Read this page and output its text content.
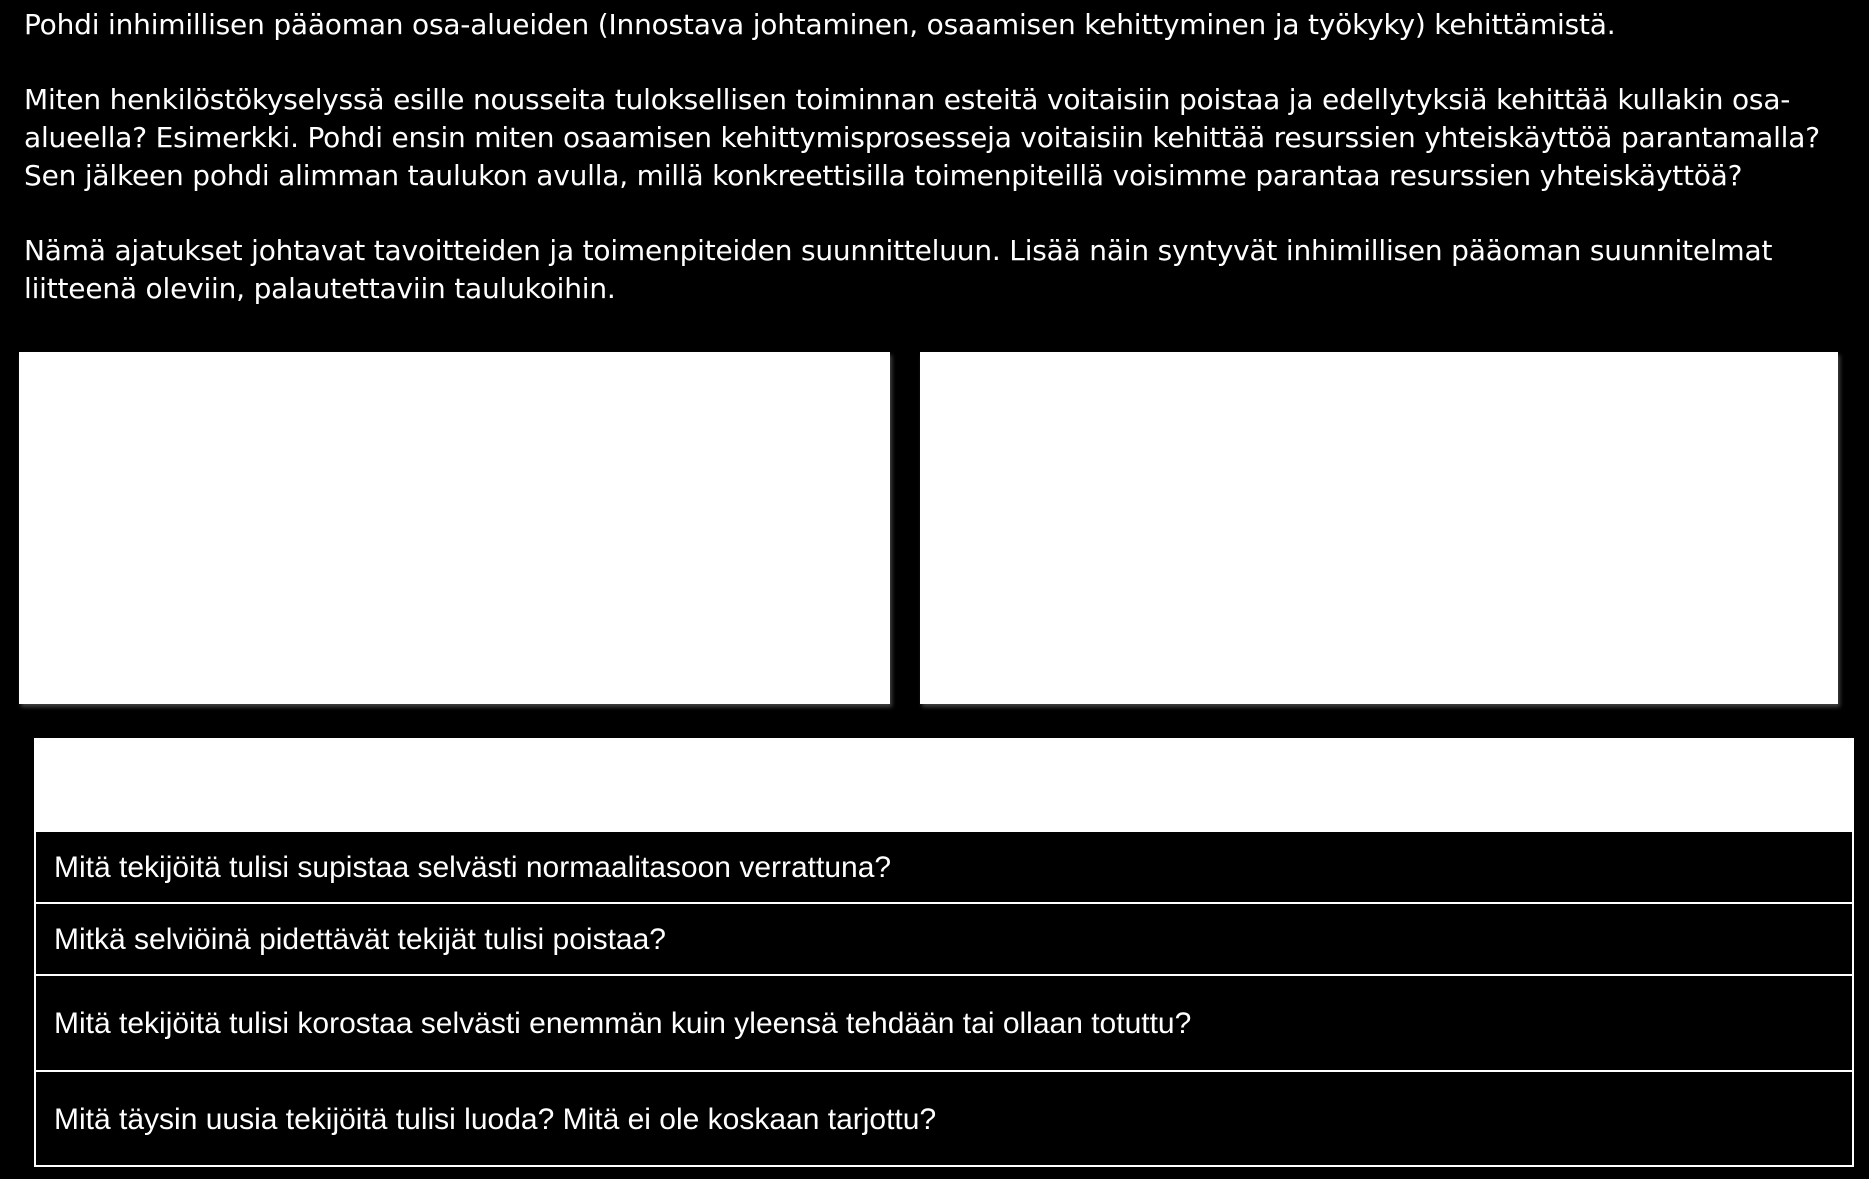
Pohdi inhimillisen pääoman osa-alueiden (Innostava johtaminen, osaamisen kehittyminen ja työkyky) kehittämistä.

Miten henkilöstökyselyssä esille nousseita tuloksellisen toiminnan esteitä voitaisiin poistaa ja edellytyksiä kehittää kullakin osa-alueella? Esimerkki. Pohdi ensin miten osaamisen kehittymisprosesseja voitaisiin kehittää resurssien yhteiskäyttöä parantamalla? Sen jälkeen pohdi alimman taulukon avulla, millä konkreettisilla toimenpiteillä voisimme parantaa resurssien yhteiskäyttöä?

Nämä ajatukset johtavat tavoitteiden ja toimenpiteiden suunnitteluun. Lisää näin syntyvät inhimillisen pääoman suunnitelmat liitteenä oleviin, palautettaviin taulukoihin.

Mitä tekijöitä tulisi supistaa selvästi normaalitasoon verrattuna?
Mitkä selviöinä pidettävät tekijät tulisi poistaa?
Mitä tekijöitä tulisi korostaa selvästi enemmän kuin yleensä tehdään tai ollaan totuttu?
Mitä täysin uusia tekijöitä tulisi luoda? Mitä ei ole koskaan tarjottu?
